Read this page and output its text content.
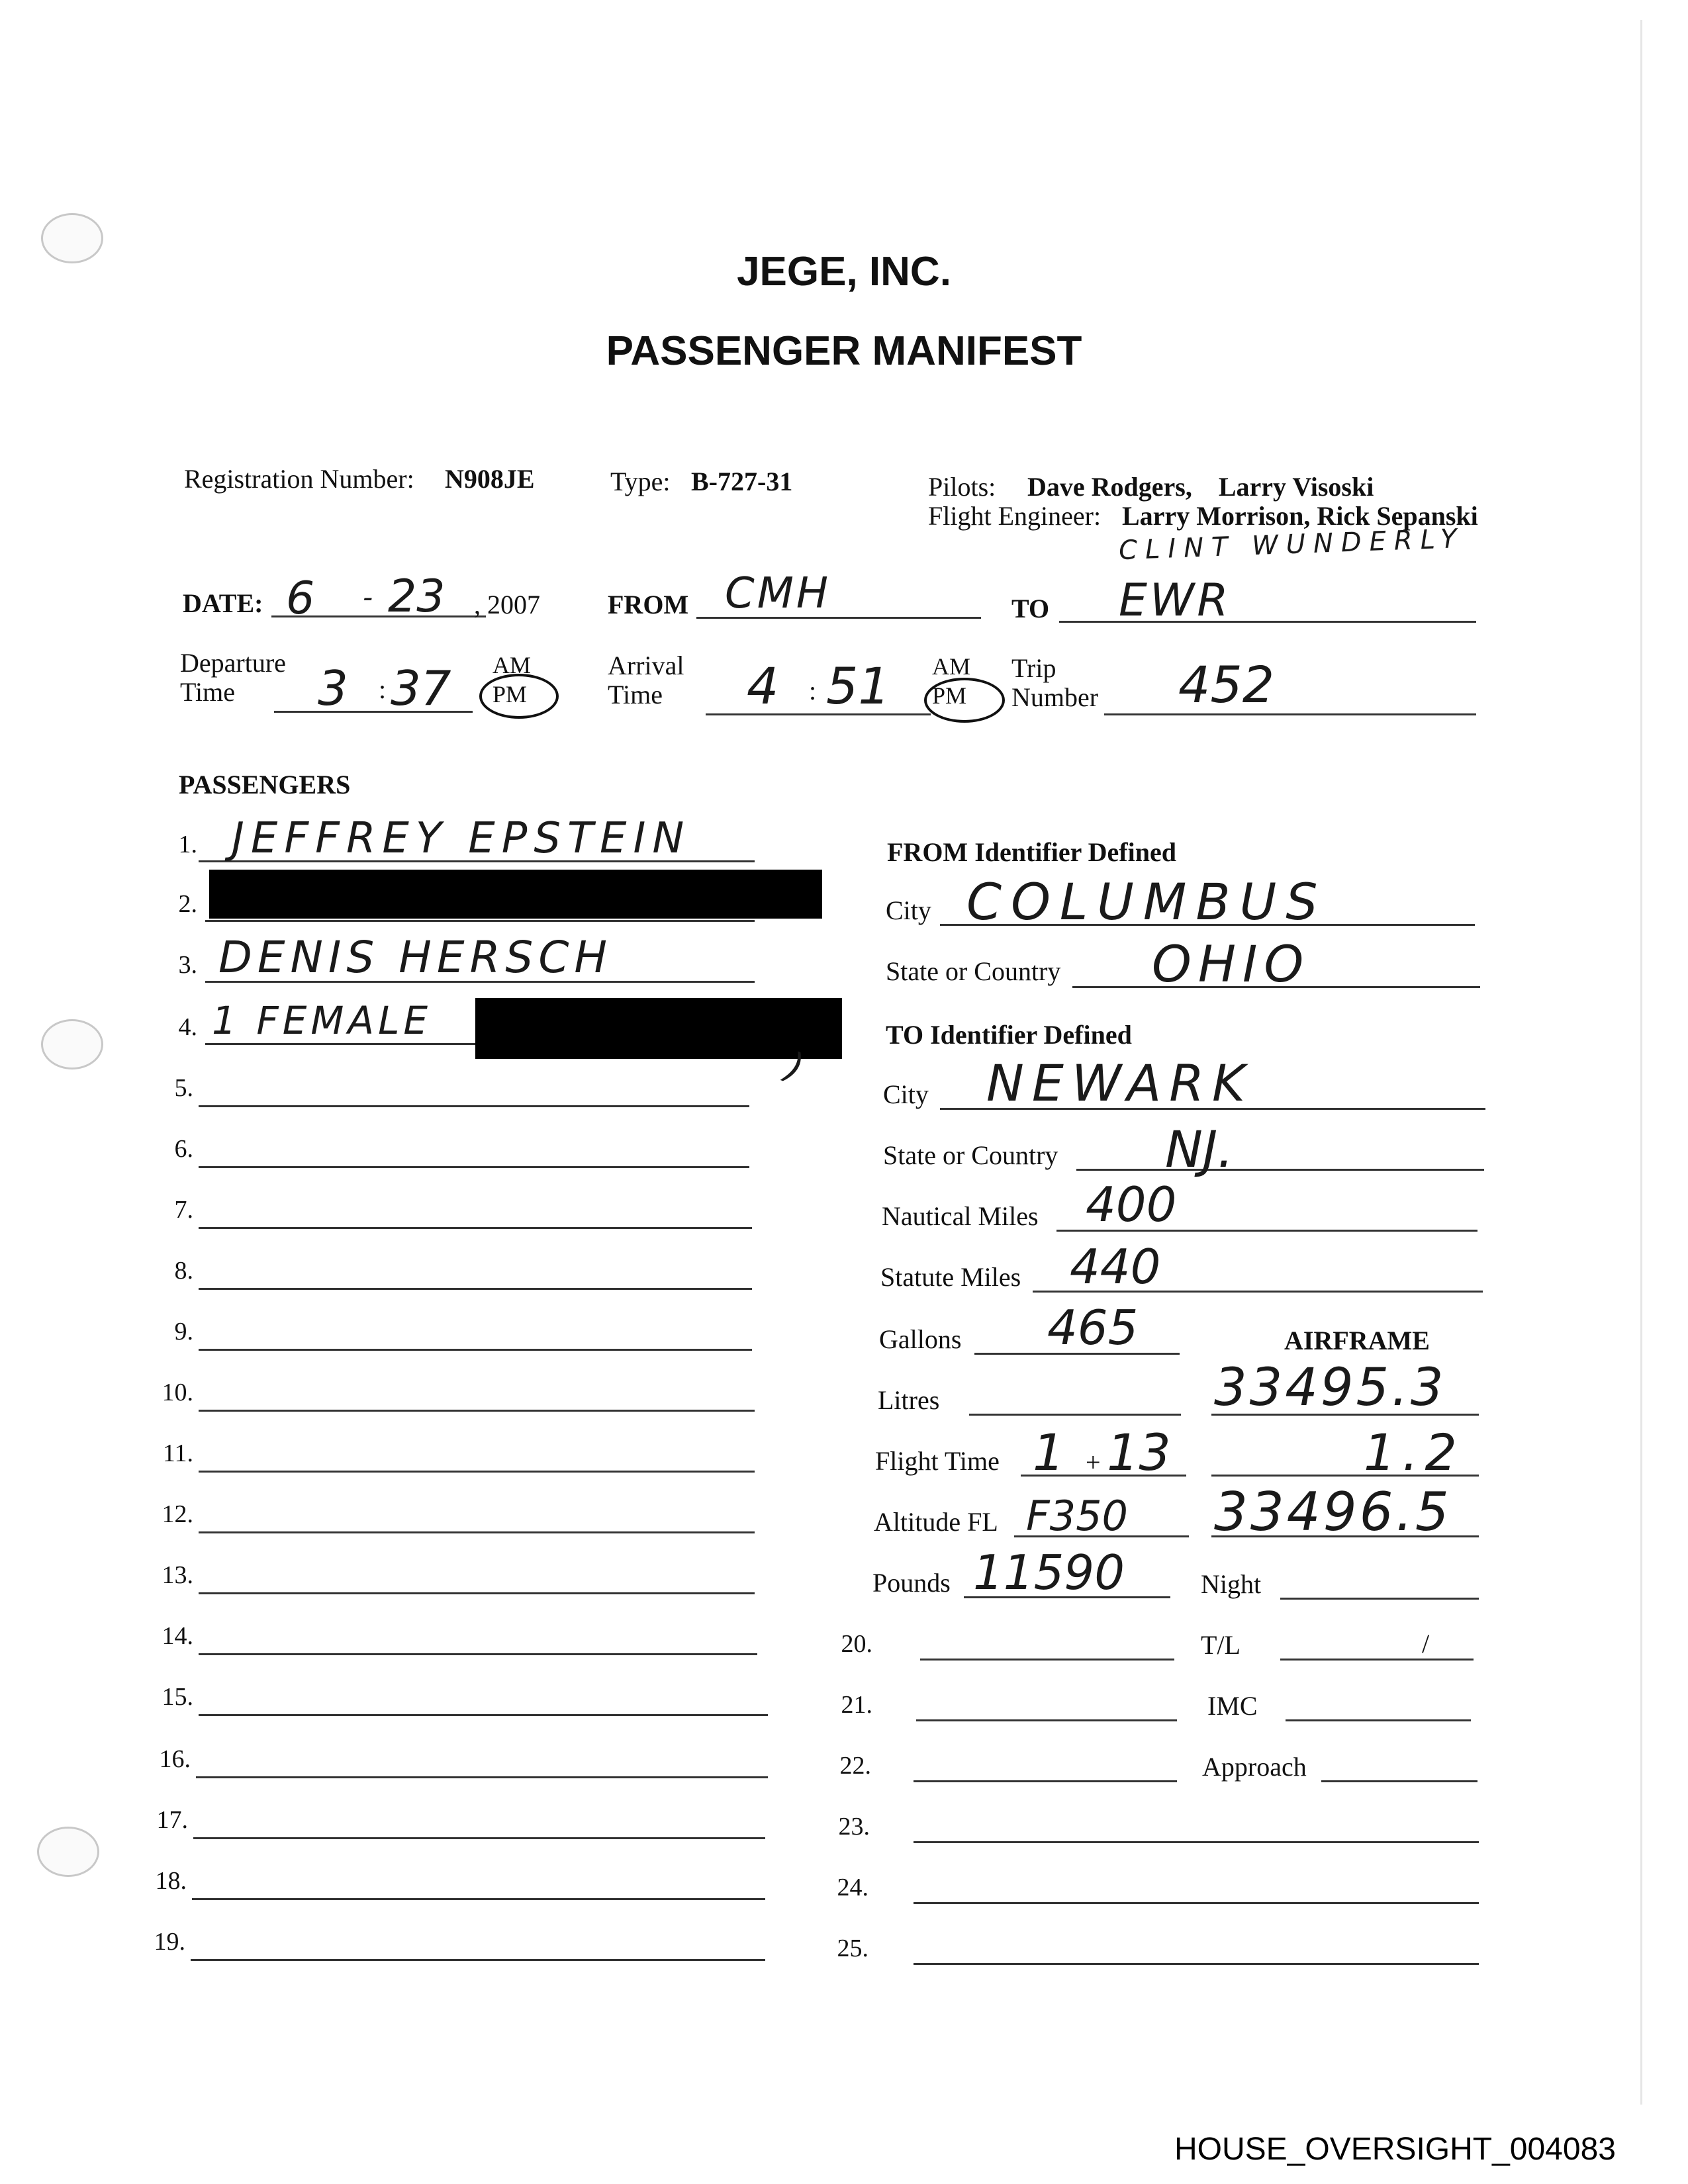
JEGE, INC.
PASSENGER MANIFEST
Registration Number: N908JE	Type: B-727-31	Pilots: Dave Rodgers,    Larry Visoski
Flight Engineer: Larry Morrison, Rick Sepanski
CLINT WUNDERLY
DATE: 6 - 23 , 2007	FROM CMH	TO EWR
Departure
Time 3 : 37 AM
PM
Arrival
Time 4 : 51 AM
PM
Trip
Number 452
PASSENGERS
1. JEFFREY EPSTEIN
2.
3. DENIS HERSCH
4. 1 FEMALE
5.
6.
7.
8.
9.
10.
11.
12.
13.
14.
15.
16.
17.
18.
19.
)
FROM Identifier Defined
City COLUMBUS
State or Country OHIO
TO Identifier Defined
City NEWARK
State or Country NJ.
Nautical Miles 400
Statute Miles 440
Gallons 465	AIRFRAME
Litres	33495.3
Flight Time 1 + 13	1.2
Altitude FL F350 33496.5
Pounds 11590	Night
T/L	/
IMC
Approach
20.
21.
22.
23.
24.
25.
HOUSE_OVERSIGHT_004083
